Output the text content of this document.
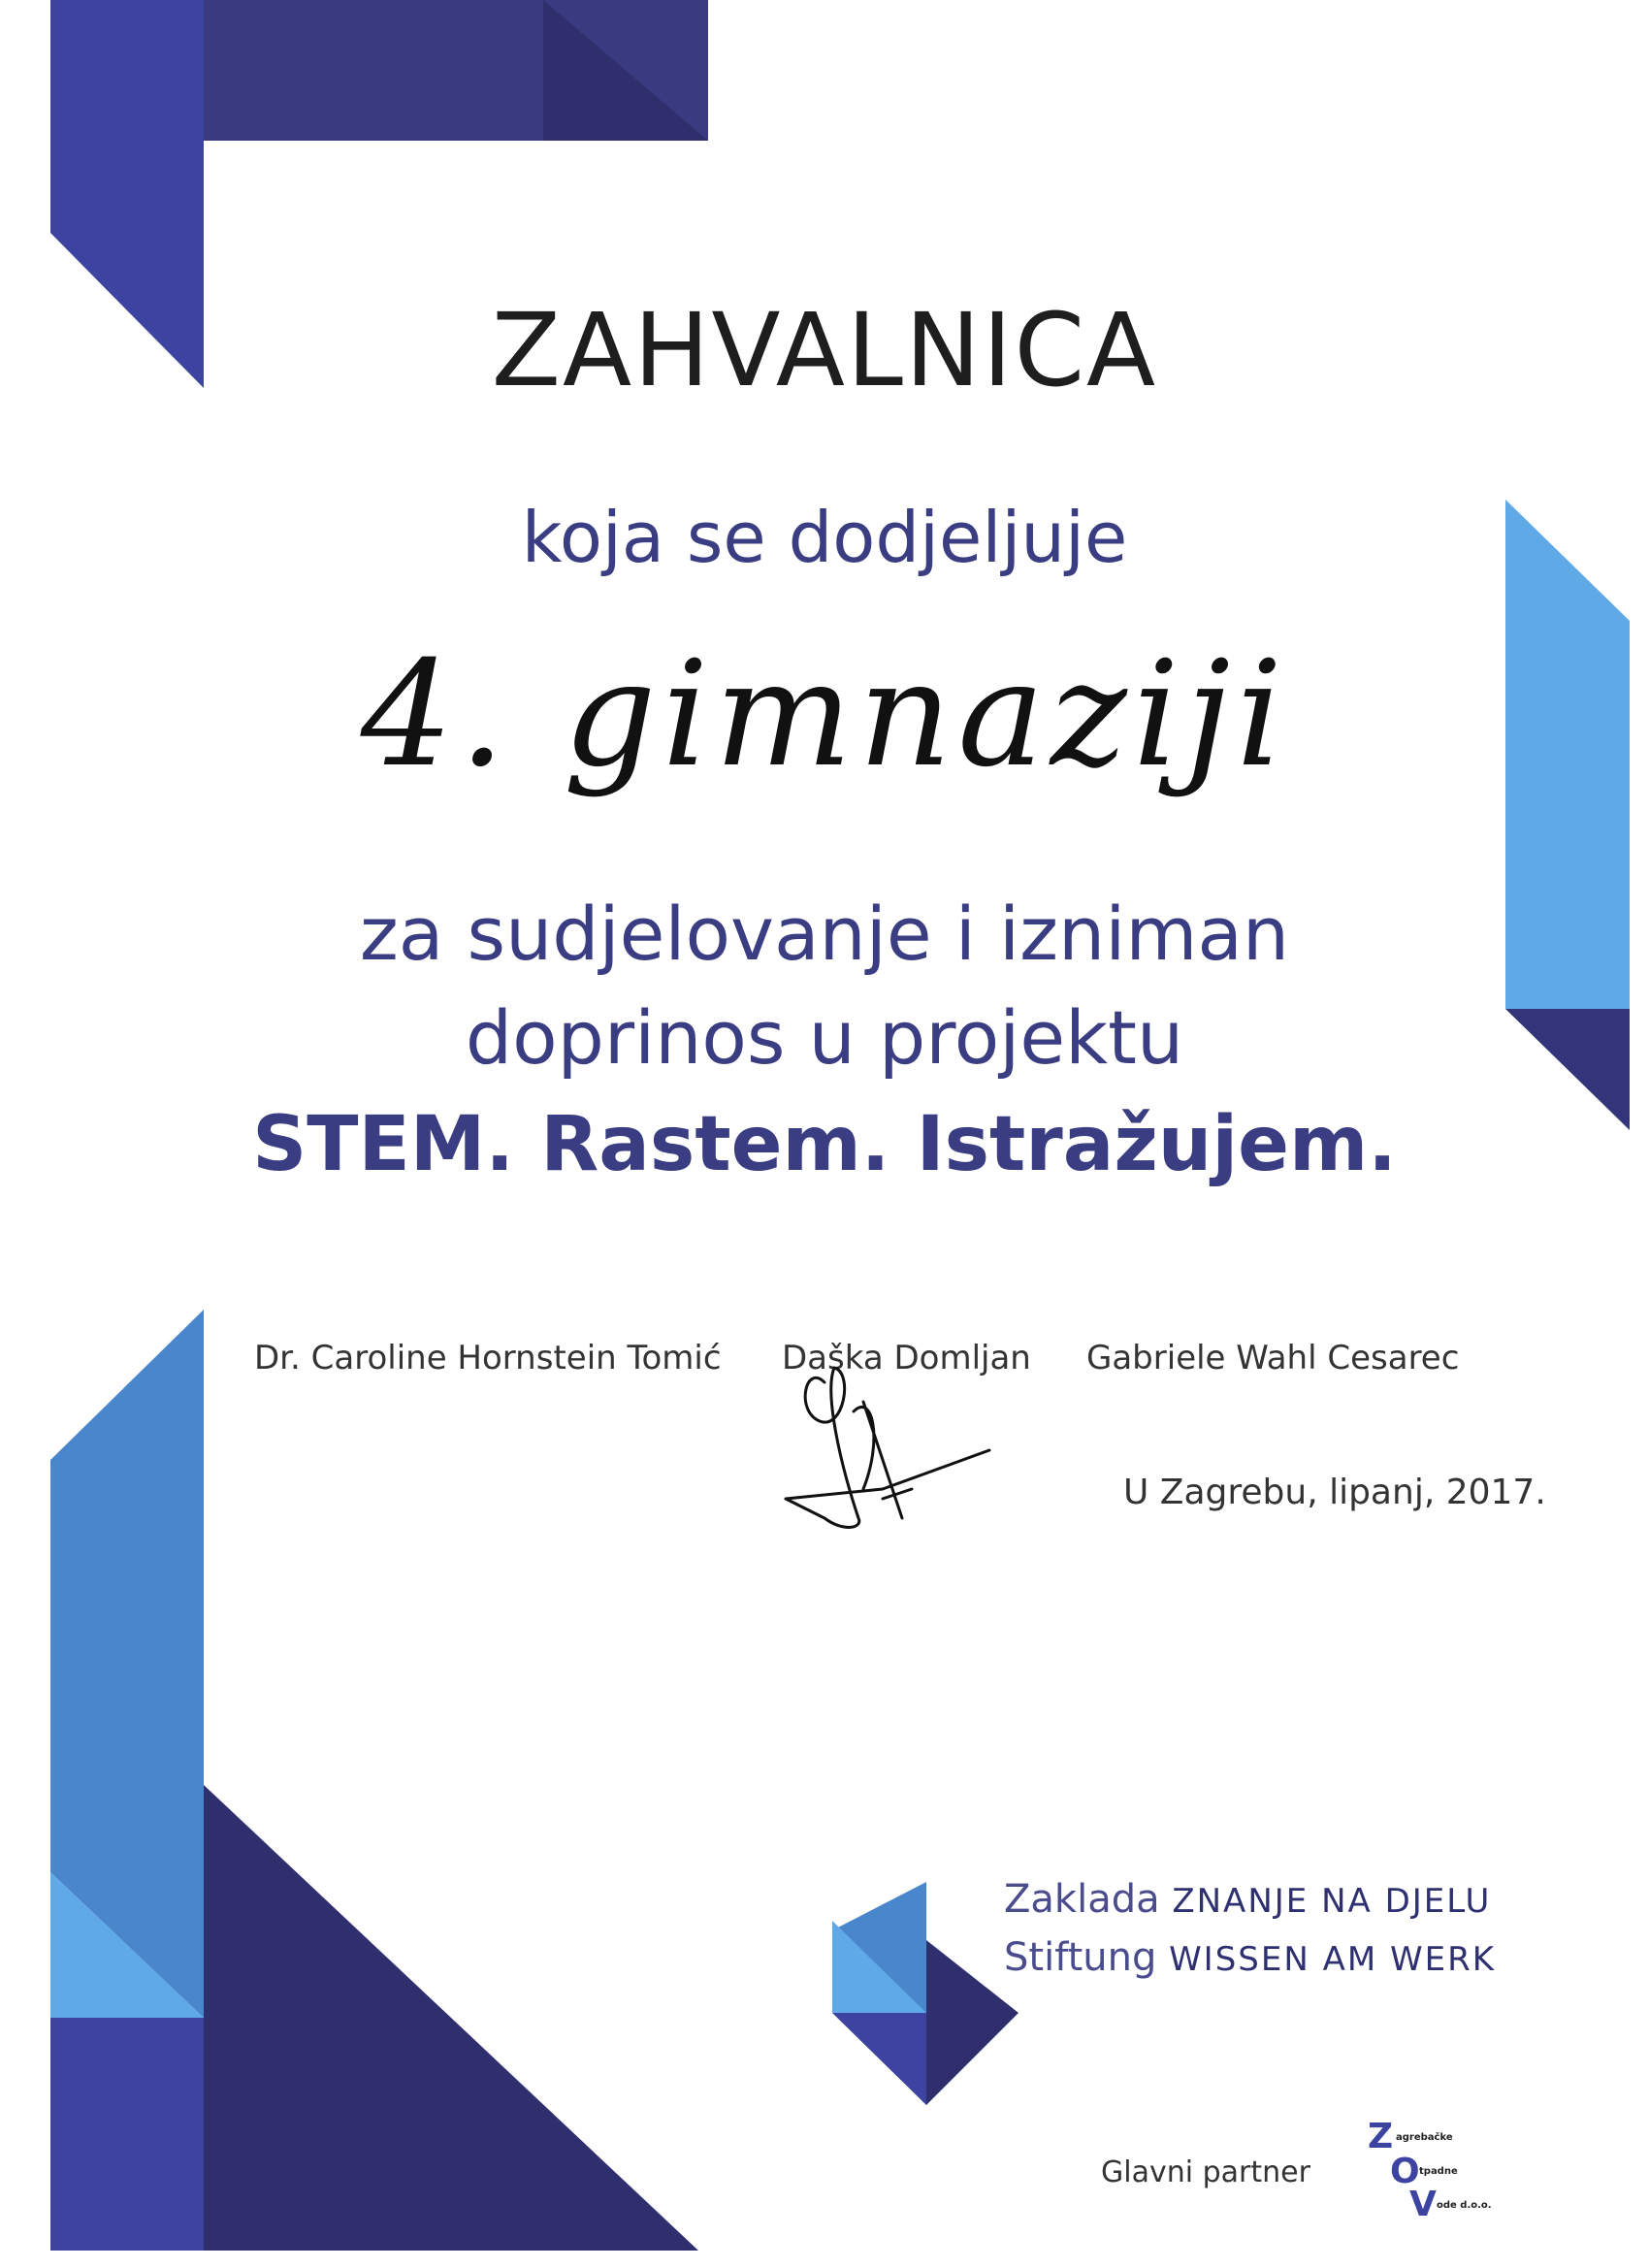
ZAHVALNICA
koja se dodjeljuje
4. gimnaziji
za sudjelovanje i izniman
doprinos u projektu
STEM. Rastem. Istražujem.
Dr. Caroline Hornstein Tomić Daška Domljan Gabriele Wahl Cesarec
U Zagrebu, lipanj, 2017.
Zaklada ZNANJE NA DJELU
Stiftung WISSEN AM WERK
Glavni partner
Z
O
V
agrebačke
tpadne
ode d.o.o.
